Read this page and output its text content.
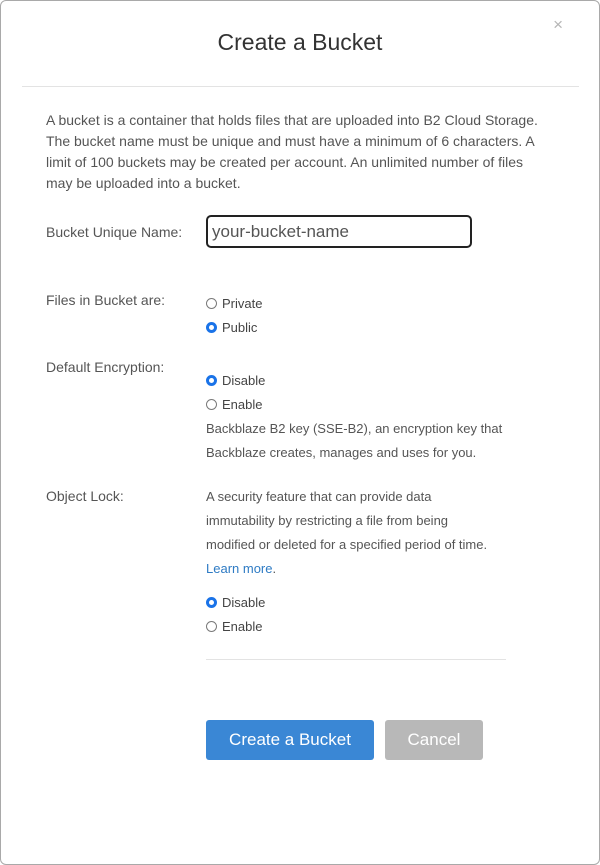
×
Create a Bucket

A bucket is a container that holds files that are uploaded into B2 Cloud Storage. The bucket name must be unique and must have a minimum of 6 characters. A limit of 100 buckets may be created per account. An unlimited number of files may be uploaded into a bucket.

Bucket Unique Name:
your-bucket-name
Files in Bucket are:	Private
Public
Default Encryption:
Disable
Enable

Backblaze B2 key (SSE-B2), an encryption key that Backblaze creates, manages and uses for you.

Object Lock:	A security feature that can provide data immutability by restricting a file from being modified or deleted for a specified period of time. Learn more.

Disable
Enable
Create a Bucket	Cancel
